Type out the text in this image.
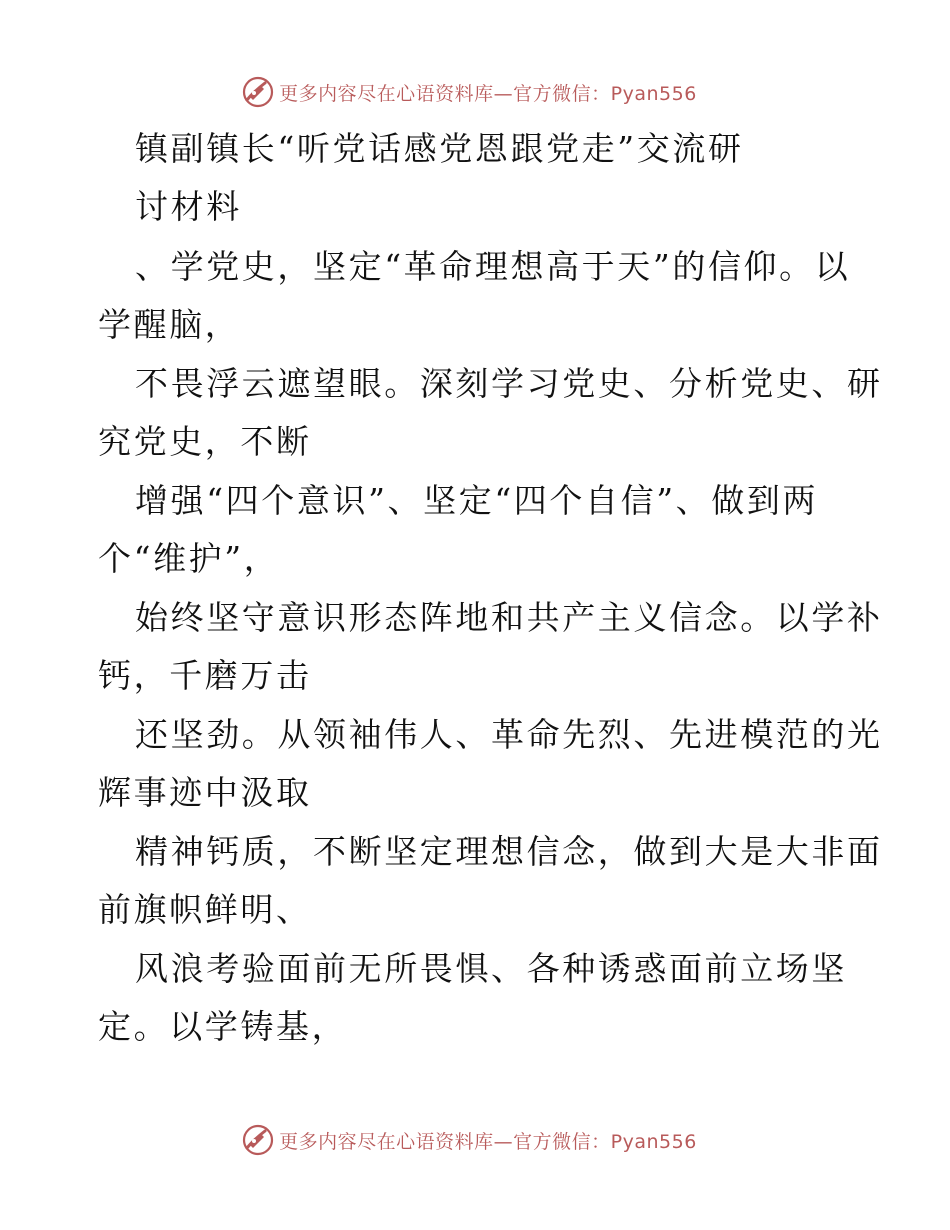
更多内容尽在心语资料库—官方微信：Pyan556

镇副镇长“听党话感党恩跟党走”交流研

讨材料

、学党史，坚定“革命理想高于天”的信仰。以

学醒脑，

不畏浮云遮望眼。深刻学习党史、分析党史、研

究党史，不断

增强“四个意识”、坚定“四个自信”、做到两

个“维护”，

始终坚守意识形态阵地和共产主义信念。以学补

钙，千磨万击

还坚劲。从领袖伟人、革命先烈、先进模范的光

辉事迹中汲取

精神钙质，不断坚定理想信念，做到大是大非面

前旗帜鲜明、

风浪考验面前无所畏惧、各种诱惑面前立场坚

定。以学铸基，

更多内容尽在心语资料库—官方微信：Pyan556
